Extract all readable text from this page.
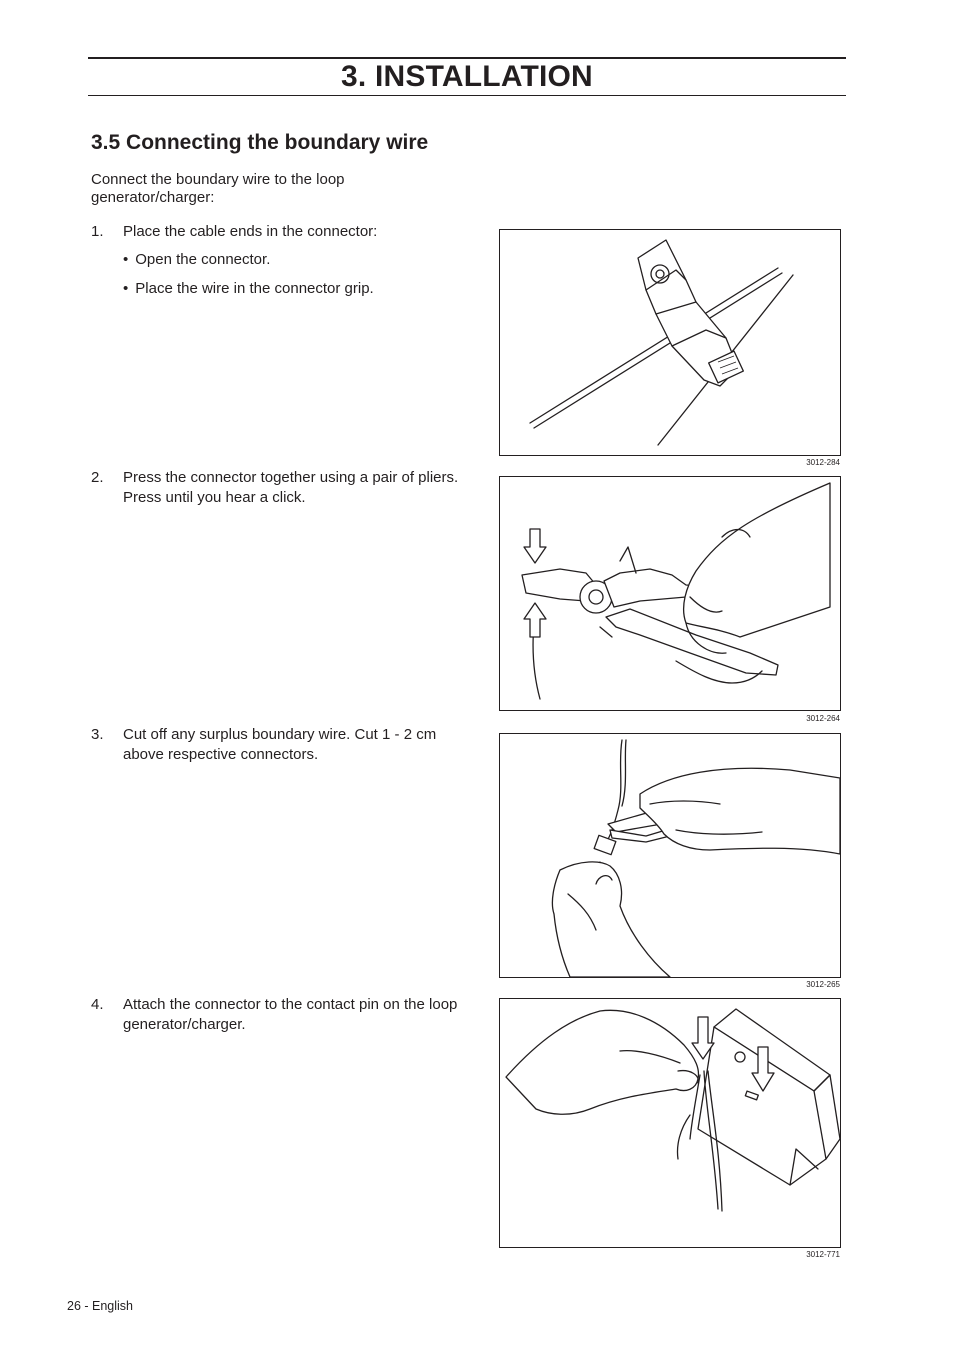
3. INSTALLATION
3.5 Connecting the boundary wire
Connect the boundary wire to the loop generator/charger:
1. Place the cable ends in the connector:
• Open the connector.
• Place the wire in the connector grip.
2. Press the connector together using a pair of pliers. Press until you hear a click.
3. Cut off any surplus boundary wire. Cut 1 - 2 cm above respective connectors.
4. Attach the connector to the contact pin on the loop generator/charger.
3012-284
3012-264
3012-265
3012-771
26 - English
